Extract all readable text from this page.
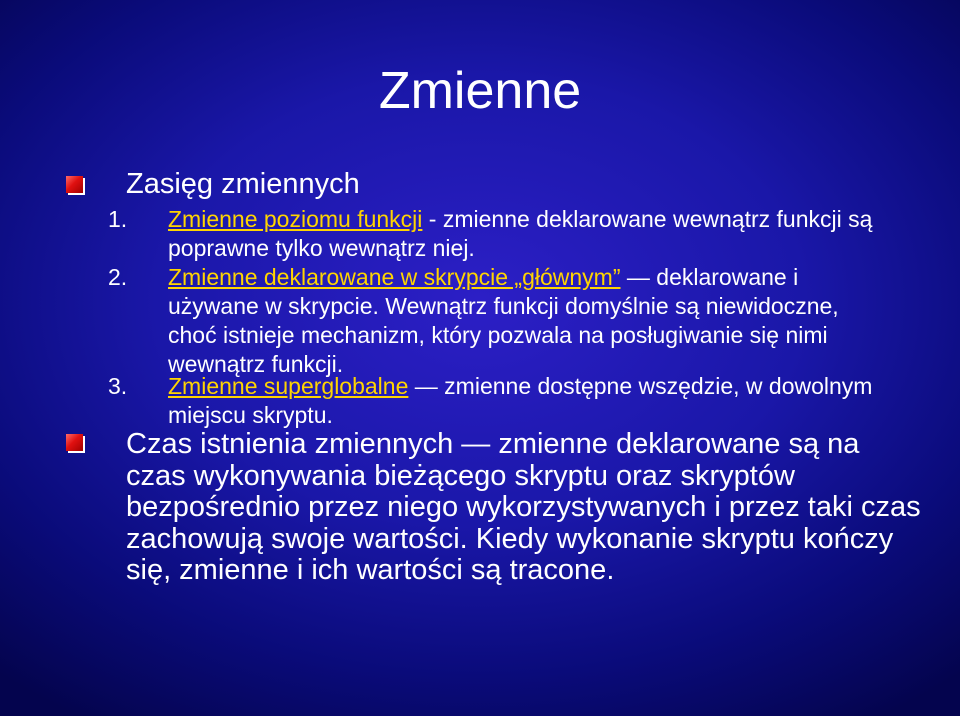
Zmienne
Zasięg zmiennych
1. Zmienne poziomu funkcji - zmienne deklarowane wewnątrz funkcji są poprawne tylko wewnątrz niej.
2. Zmienne deklarowane w skrypcie „głównym” — deklarowane i używane w skrypcie. Wewnątrz funkcji domyślnie są niewidoczne, choć istnieje mechanizm, który pozwala na posługiwanie się nimi wewnątrz funkcji.
3. Zmienne superglobalne — zmienne dostępne wszędzie, w dowolnym miejscu skryptu.
Czas istnienia zmiennych — zmienne deklarowane są na czas wykonywania bieżącego skryptu oraz skryptów bezpośrednio przez niego wykorzystywanych i przez taki czas zachowują swoje wartości. Kiedy wykonanie skryptu kończy się, zmienne i ich wartości są tracone.
